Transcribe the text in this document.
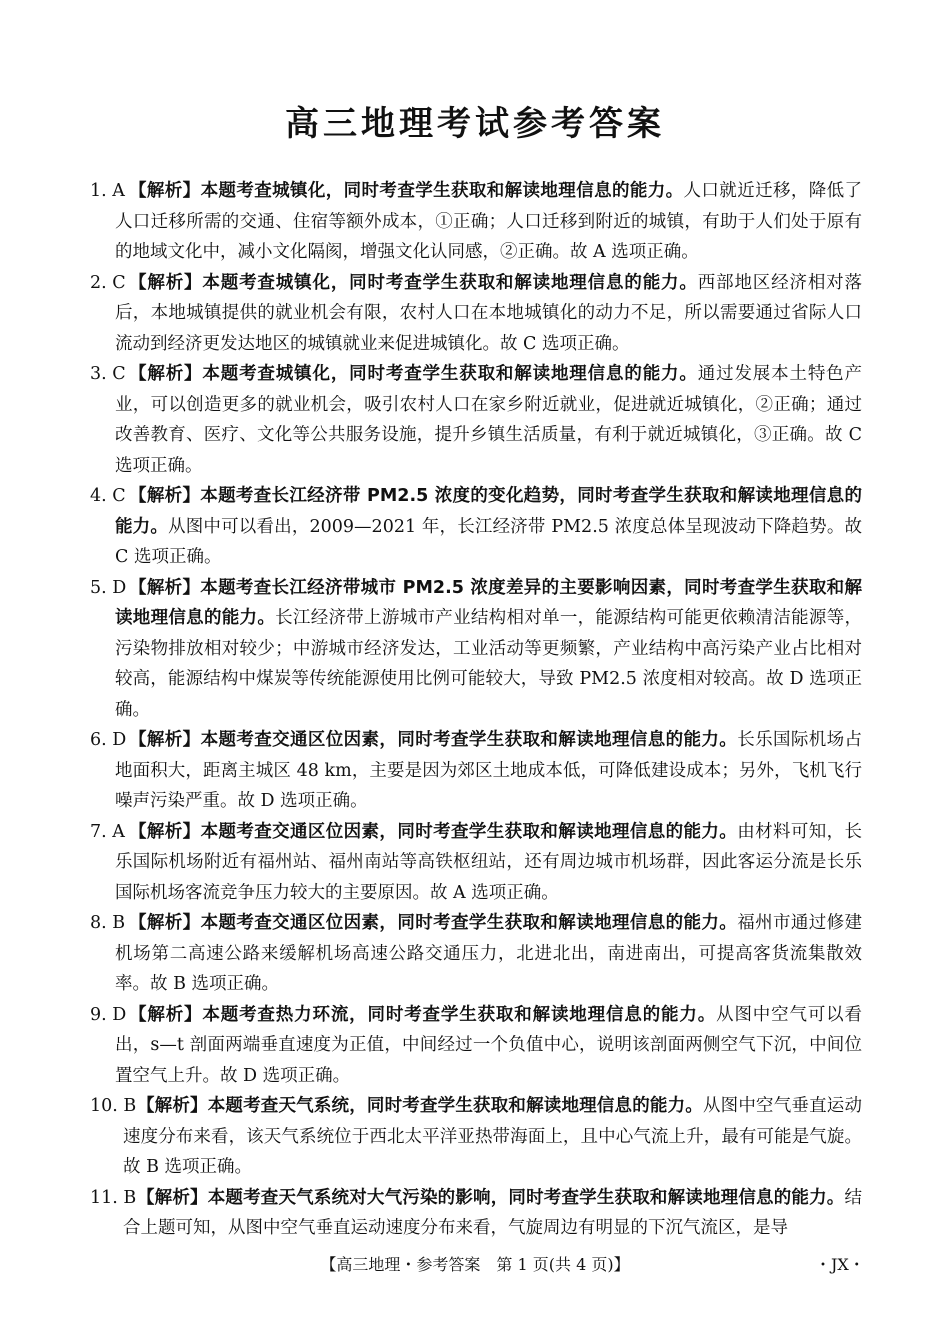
高三地理考试参考答案
1. A 【解析】本题考查城镇化，同时考查学生获取和解读地理信息的能力。人口就近迁移，降低了人口迁移所需的交通、住宿等额外成本，①正确；人口迁移到附近的城镇，有助于人们处于原有的地域文化中，减小文化隔阂，增强文化认同感，②正确。故 A 选项正确。
2. C 【解析】本题考查城镇化，同时考查学生获取和解读地理信息的能力。西部地区经济相对落后，本地城镇提供的就业机会有限，农村人口在本地城镇化的动力不足，所以需要通过省际人口流动到经济更发达地区的城镇就业来促进城镇化。故 C 选项正确。
3. C 【解析】本题考查城镇化，同时考查学生获取和解读地理信息的能力。通过发展本土特色产业，可以创造更多的就业机会，吸引农村人口在家乡附近就业，促进就近城镇化，②正确；通过改善教育、医疗、文化等公共服务设施，提升乡镇生活质量，有利于就近城镇化，③正确。故 C 选项正确。
4. C 【解析】本题考查长江经济带 PM2.5 浓度的变化趋势，同时考查学生获取和解读地理信息的能力。从图中可以看出，2009—2021 年，长江经济带 PM2.5 浓度总体呈现波动下降趋势。故 C 选项正确。
5. D 【解析】本题考查长江经济带城市 PM2.5 浓度差异的主要影响因素，同时考查学生获取和解读地理信息的能力。长江经济带上游城市产业结构相对单一，能源结构可能更依赖清洁能源等，污染物排放相对较少；中游城市经济发达，工业活动等更频繁，产业结构中高污染产业占比相对较高，能源结构中煤炭等传统能源使用比例可能较大，导致 PM2.5 浓度相对较高。故 D 选项正确。
6. D 【解析】本题考查交通区位因素，同时考查学生获取和解读地理信息的能力。长乐国际机场占地面积大，距离主城区 48 km，主要是因为郊区土地成本低，可降低建设成本；另外，飞机飞行噪声污染严重。故 D 选项正确。
7. A 【解析】本题考查交通区位因素，同时考查学生获取和解读地理信息的能力。由材料可知，长乐国际机场附近有福州站、福州南站等高铁枢纽站，还有周边城市机场群，因此客运分流是长乐国际机场客流竞争压力较大的主要原因。故 A 选项正确。
8. B 【解析】本题考查交通区位因素，同时考查学生获取和解读地理信息的能力。福州市通过修建机场第二高速公路来缓解机场高速公路交通压力，北进北出，南进南出，可提高客货流集散效率。故 B 选项正确。
9. D 【解析】本题考查热力环流，同时考查学生获取和解读地理信息的能力。从图中空气可以看出，s—t 剖面两端垂直速度为正值，中间经过一个负值中心，说明该剖面两侧空气下沉，中间位置空气上升。故 D 选项正确。
10. B 【解析】本题考查天气系统，同时考查学生获取和解读地理信息的能力。从图中空气垂直运动速度分布来看，该天气系统位于西北太平洋亚热带海面上，且中心气流上升，最有可能是气旋。故 B 选项正确。
11. B 【解析】本题考查天气系统对大气污染的影响，同时考查学生获取和解读地理信息的能力。结合上题可知，从图中空气垂直运动速度分布来看，气旋周边有明显的下沉气流区，是导
【高三地理・参考答案　第 1 页(共 4 页)】	・JX・
